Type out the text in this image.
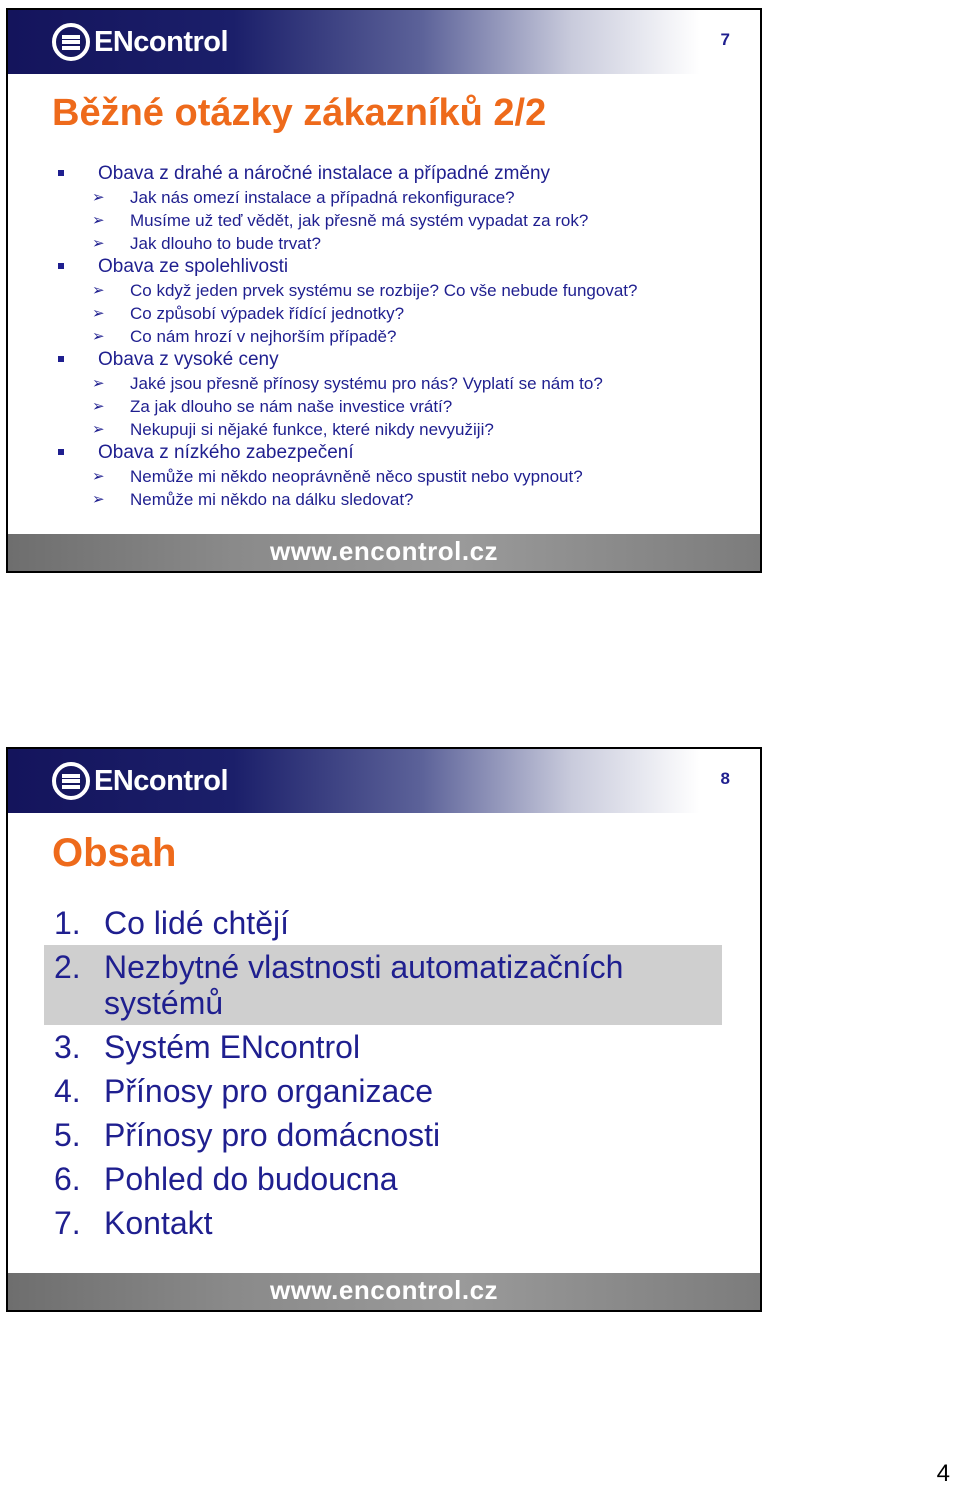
ENcontrol	7
Běžné otázky zákazníků 2/2
Obava z drahé a náročné instalace a případné změny
➢ Jak nás omezí instalace a případná rekonfigurace?
➢ Musíme už teď vědět, jak přesně má systém vypadat za rok?
➢ Jak dlouho to bude trvat?
Obava ze spolehlivosti
➢ Co když jeden prvek systému se rozbije? Co vše nebude fungovat?
➢ Co způsobí výpadek řídící jednotky?
➢ Co nám hrozí v nejhorším případě?
Obava z vysoké ceny
➢ Jaké jsou přesně přínosy systému pro nás? Vyplatí se nám to?
➢ Za jak dlouho se nám naše investice vrátí?
➢ Nekupuji si nějaké funkce, které nikdy nevyužiji?
Obava z nízkého zabezpečení
➢ Nemůže mi někdo neoprávněně něco spustit nebo vypnout?
➢ Nemůže mi někdo na dálku sledovat?
www.encontrol.cz
ENcontrol	8
Obsah
1. Co lidé chtějí
2. Nezbytné vlastnosti automatizačních systémů
3. Systém ENcontrol
4. Přínosy pro organizace
5. Přínosy pro domácnosti
6. Pohled do budoucna
7. Kontakt
www.encontrol.cz
4
